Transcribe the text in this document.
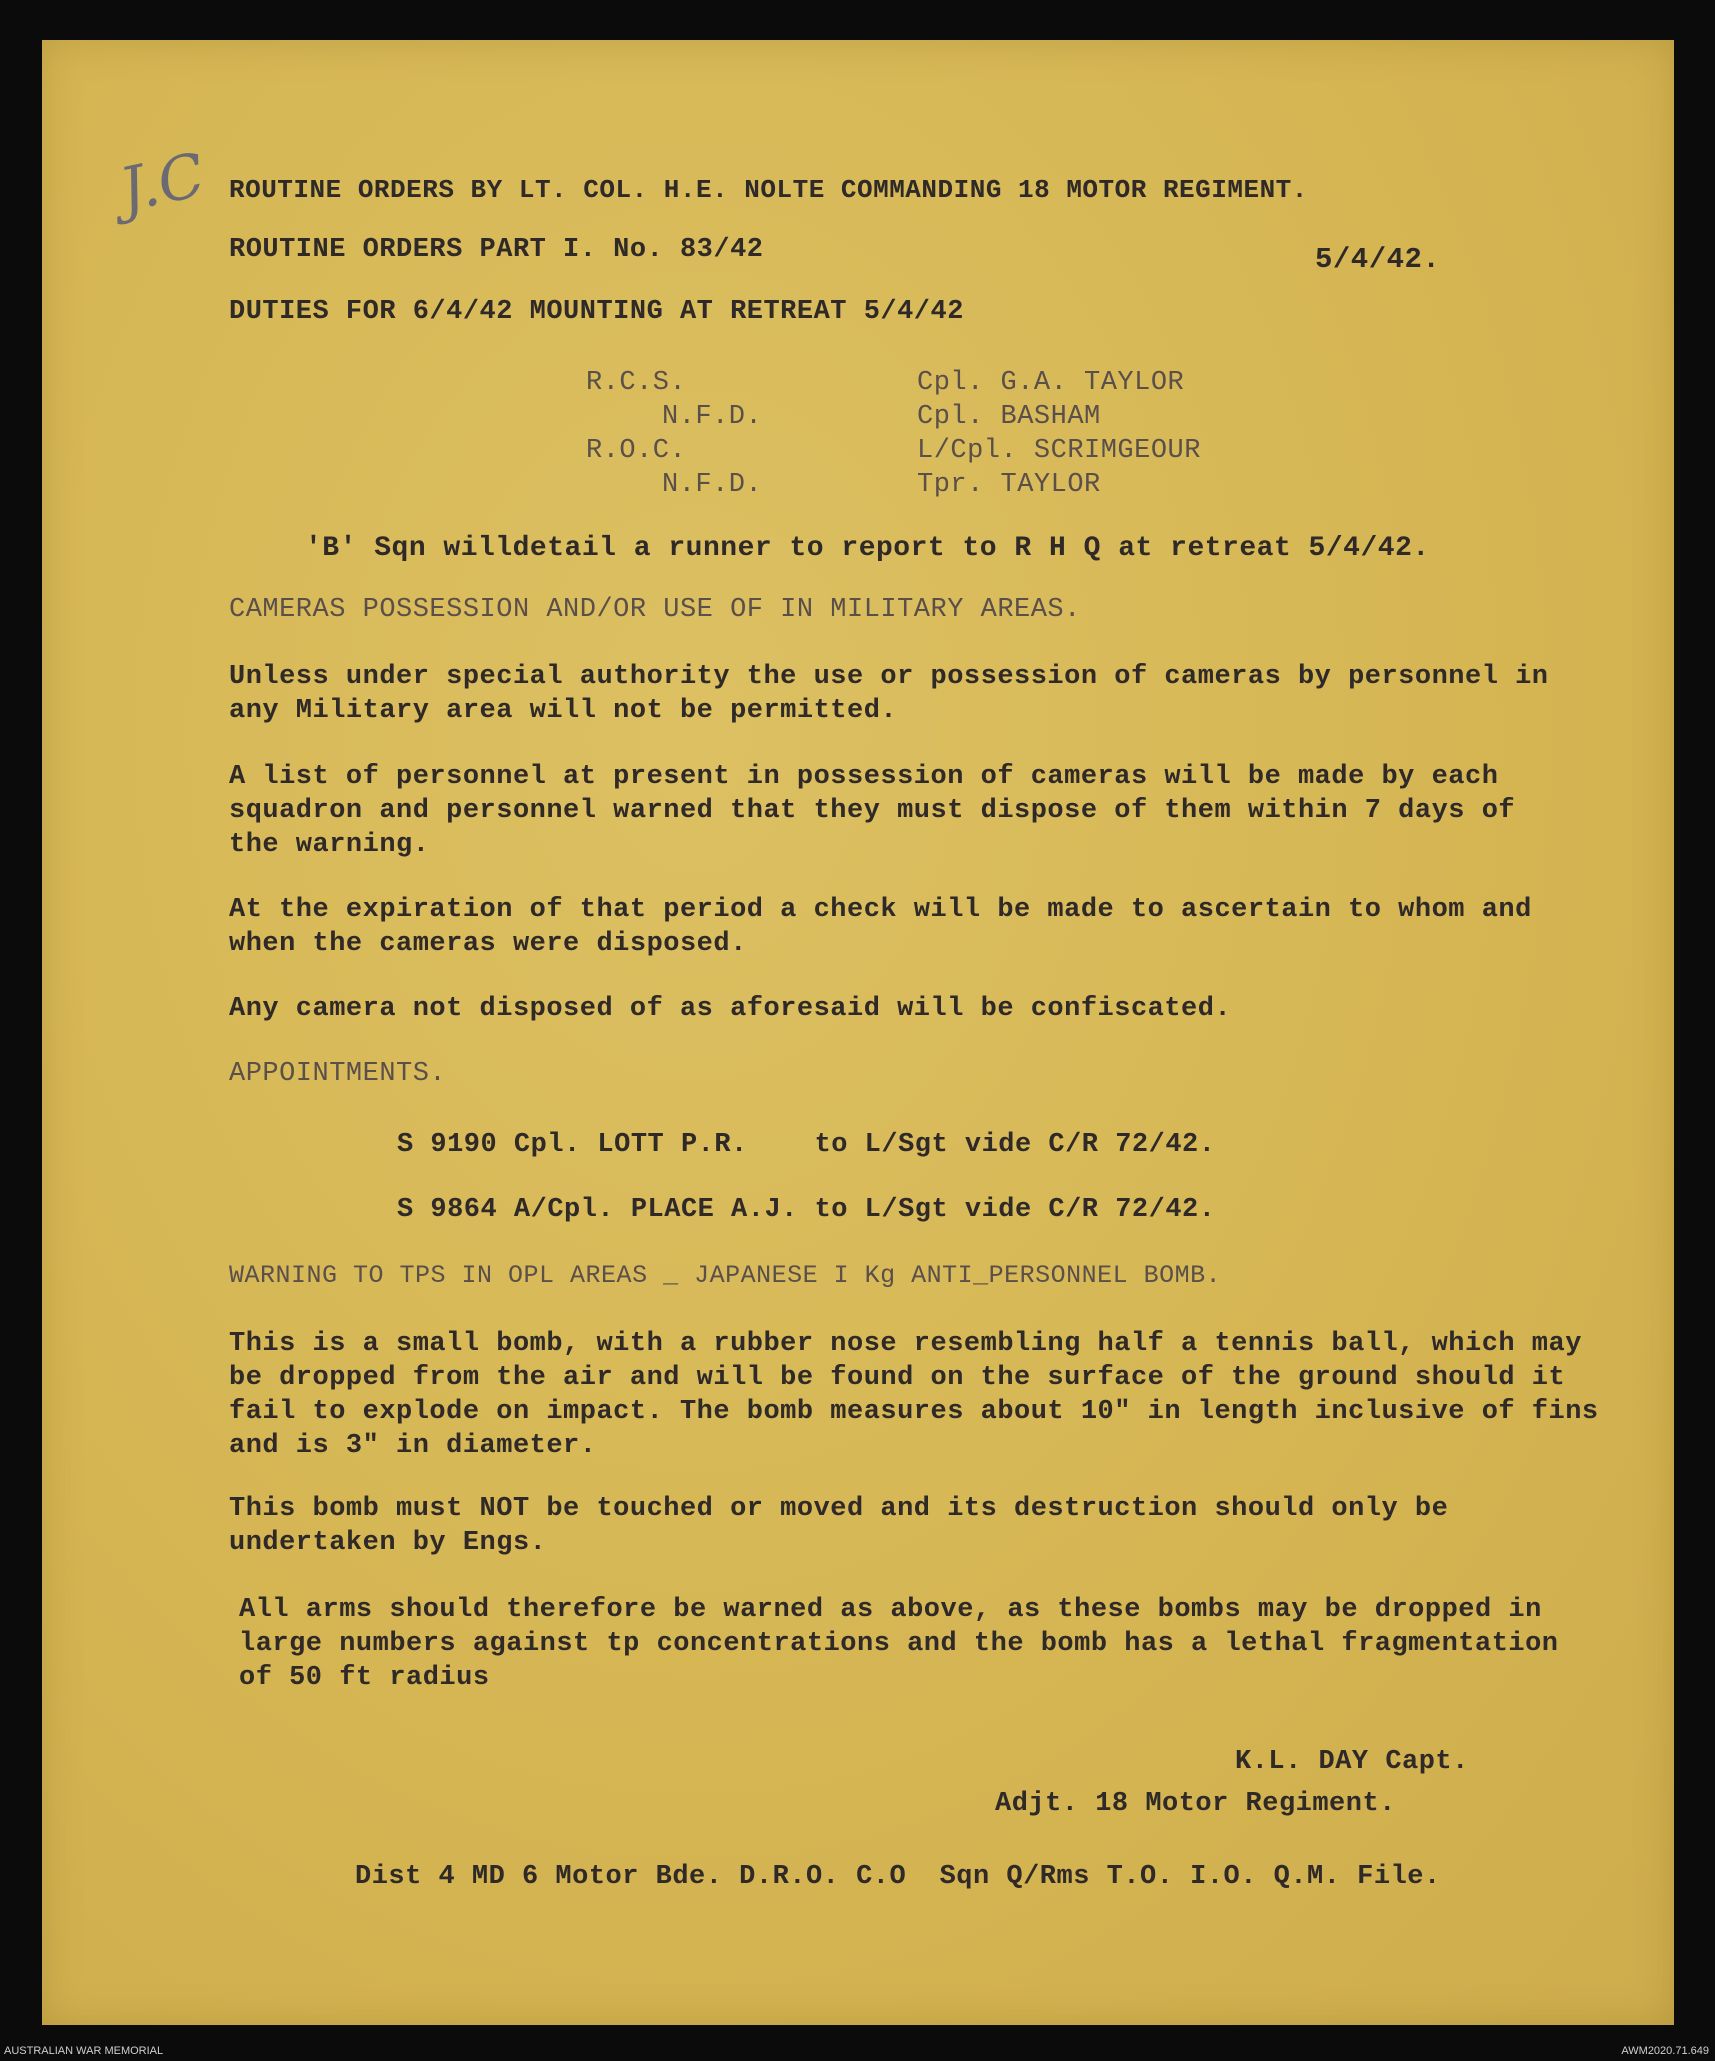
J.C ROUTINE ORDERS BY LT. COL. H.E. NOLTE COMMANDING 18 MOTOR REGIMENT.
ROUTINE ORDERS PART I. No. 83/42	5/4/42.
DUTIES FOR 6/4/42 MOUNTING AT RETREAT 5/4/42
R.C.S.	Cpl. G.A. TAYLOR
N.F.D.	Cpl. BASHAM
R.O.C.	L/Cpl. SCRIMGEOUR
N.F.D.	Tpr. TAYLOR
'B' Sqn willdetail a runner to report to R H Q at retreat 5/4/42.
CAMERAS POSSESSION AND/OR USE OF IN MILITARY AREAS.
Unless under special authority the use or possession of cameras by personnel in any Military area will not be permitted.
A list of personnel at present in possession of cameras will be made by each squadron and personnel warned that they must dispose of them within 7 days of the warning.
At the expiration of that period a check will be made to ascertain to whom and when the cameras were disposed.
Any camera not disposed of as aforesaid will be confiscated.
APPOINTMENTS.
S 9190 Cpl. LOTT P.R.    to L/Sgt vide C/R 72/42.
S 9864 A/Cpl. PLACE A.J. to L/Sgt vide C/R 72/42.
WARNING TO TPS IN OPL AREAS _ JAPANESE I Kg ANTI_PERSONNEL BOMB.
This is a small bomb, with a rubber nose resembling half a tennis ball, which may be dropped from the air and will be found on the surface of the ground should it fail to explode on impact. The bomb measures about 10" in length inclusive of fins and is 3" in diameter.
This bomb must NOT be touched or moved and its destruction should only be undertaken by Engs.
All arms should therefore be warned as above, as these bombs may be dropped in large numbers against tp concentrations and the bomb has a lethal fragmentation of 50 ft radius
K.L. DAY Capt.
Adjt. 18 Motor Regiment.
Dist 4 MD 6 Motor Bde. D.R.O. C.O  Sqn Q/Rms T.O. I.O. Q.M. File.
AUSTRALIAN WAR MEMORIAL	AWM2020.71.649
